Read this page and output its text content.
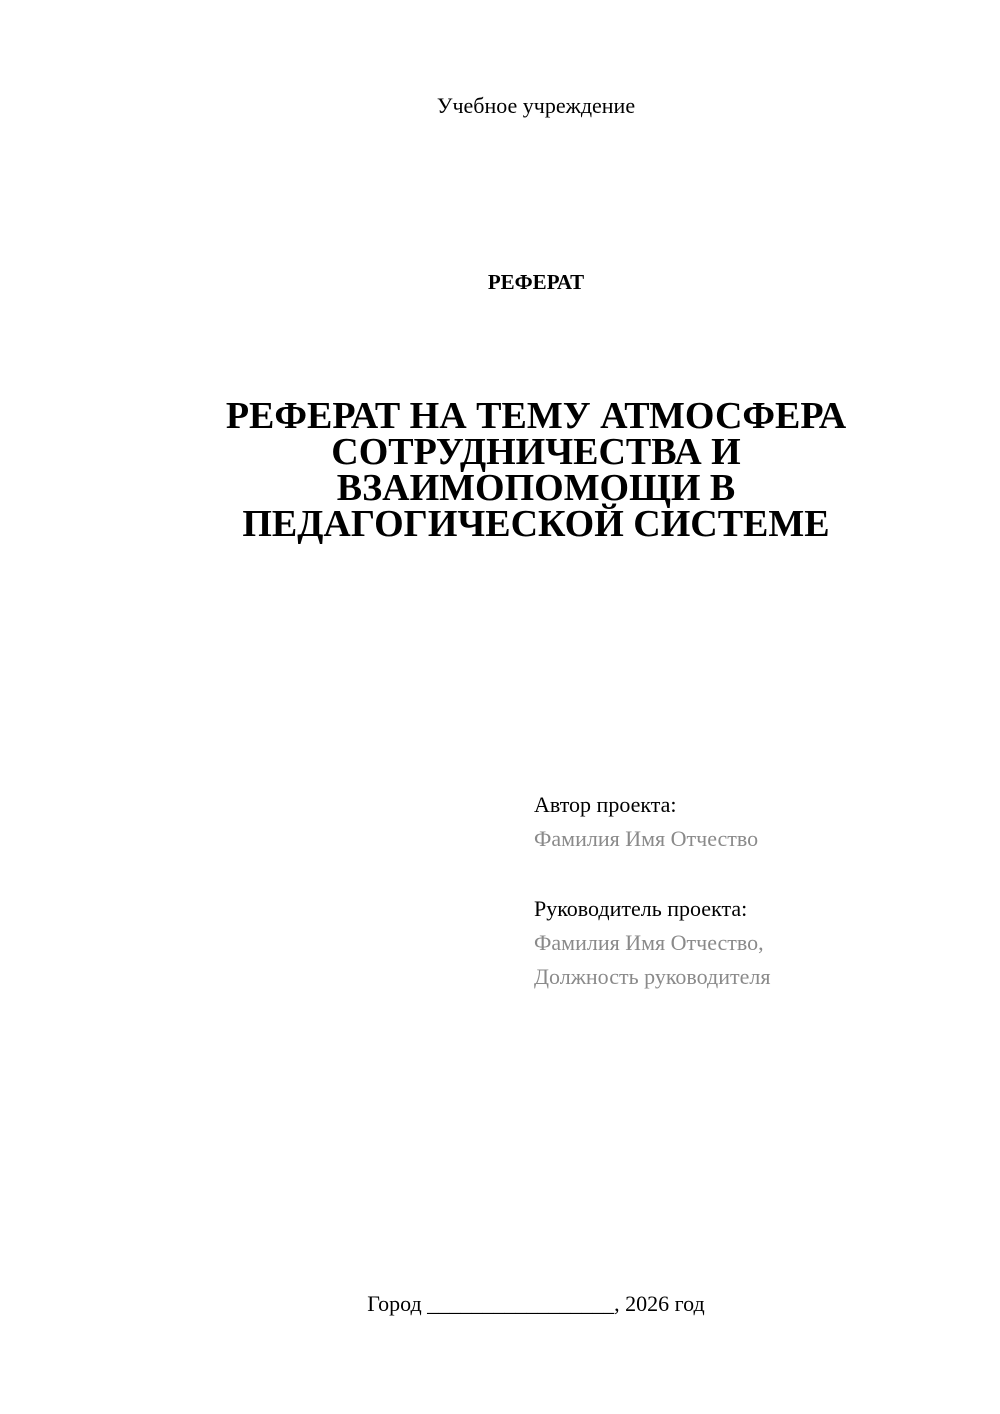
Учебное учреждение
РЕФЕРАТ
РЕФЕРАТ НА ТЕМУ АТМОСФЕРА
СОТРУДНИЧЕСТВА И
ВЗАИМОПОМОЩИ В
ПЕДАГОГИЧЕСКОЙ СИСТЕМЕ
Автор проекта:
Фамилия Имя Отчество
Руководитель проекта:
Фамилия Имя Отчество,
Должность руководителя
Город _________________, 2026 год
